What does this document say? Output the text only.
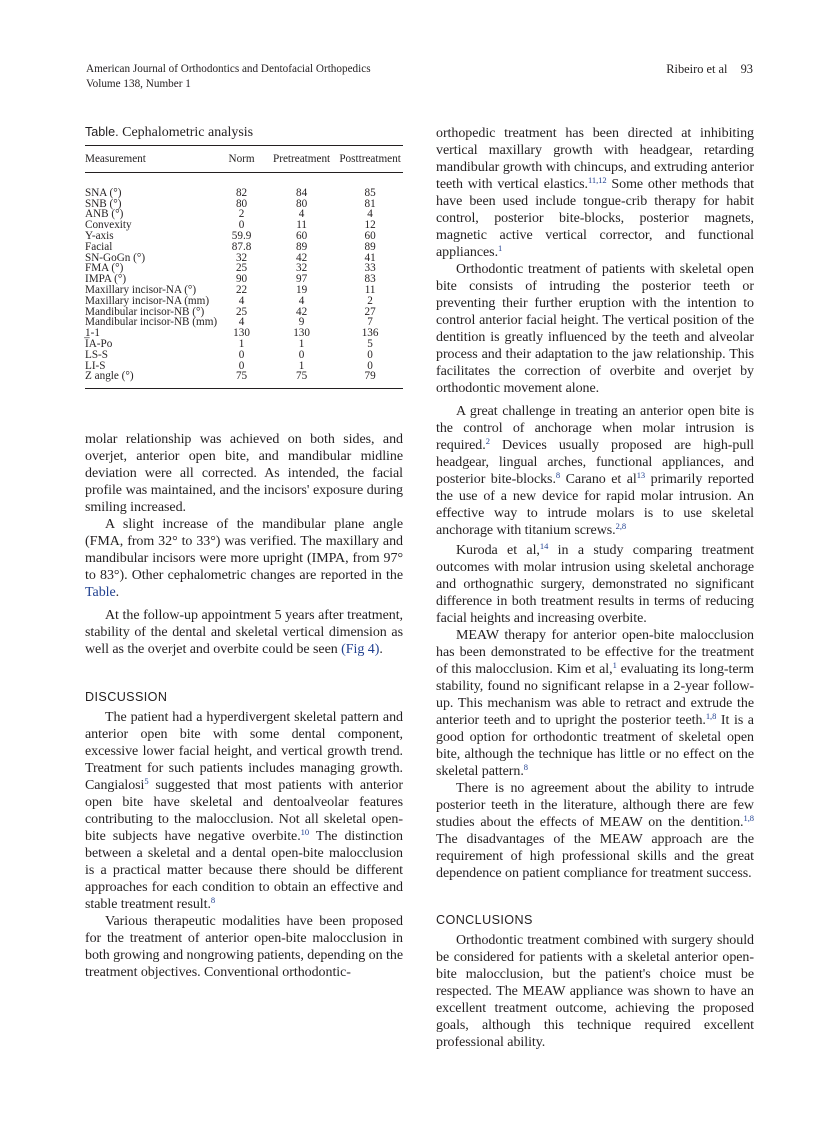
American Journal of Orthodontics and Dentofacial Orthopedics
Volume 138, Number 1
Ribeiro et al 93
Table. Cephalometric analysis
Measurement	Norm	Pretreatment	Posttreatment
SNA (°)	82	84	85
SNB (°)	80	80	81
ANB (°)	2	4	4
Convexity	0	11	12
Y-axis	59.9	60	60
Facial	87.8	89	89
SN-GoGn (°)	32	42	41
FMA (°)	25	32	33
IMPA (°)	90	97	83
Maxillary incisor-NA (°)	22	19	11
Maxillary incisor-NA (mm)	4	4	2
Mandibular incisor-NB (°)	25	42	27
Mandibular incisor-NB (mm)	4	9	7
1-1	130	130	136
I̅A-Po	1	1	5
LS-S	0	0	0
LI-S	0	1	0
Z angle (°)	75	75	79

molar relationship was achieved on both sides, and overjet, anterior open bite, and mandibular midline deviation were all corrected. As intended, the facial profile was maintained, and the incisors' exposure during smiling increased.

A slight increase of the mandibular plane angle (FMA, from 32° to 33°) was verified. The maxillary and mandibular incisors were more upright (IMPA, from 97° to 83°). Other cephalometric changes are reported in the Table.

At the follow-up appointment 5 years after treatment, stability of the dental and skeletal vertical dimension as well as the overjet and overbite could be seen (Fig 4).

DISCUSSION

The patient had a hyperdivergent skeletal pattern and anterior open bite with some dental component, excessive lower facial height, and vertical growth trend. Treatment for such patients includes managing growth. Cangialosi$^5$ suggested that most patients with anterior open bite have skeletal and dentoalveolar features contributing to the malocclusion. Not all skeletal open-bite subjects have negative overbite.$^{10}$ The distinction between a skeletal and a dental open-bite malocclusion is a practical matter because there should be different approaches for each condition to obtain an effective and stable treatment result.$^8$

Various therapeutic modalities have been proposed for the treatment of anterior open-bite malocclusion in both growing and nongrowing patients, depending on the treatment objectives. Conventional orthodontic-

orthopedic treatment has been directed at inhibiting vertical maxillary growth with headgear, retarding mandibular growth with chincups, and extruding anterior teeth with vertical elastics.$^{11,12}$ Some other methods that have been used include tongue-crib therapy for habit control, posterior bite-blocks, posterior magnets, magnetic active vertical corrector, and functional appliances.$^1$

Orthodontic treatment of patients with skeletal open bite consists of intruding the posterior teeth or preventing their further eruption with the intention to control anterior facial height. The vertical position of the dentition is greatly influenced by the teeth and alveolar process and their adaptation to the jaw relationship. This facilitates the correction of overbite and overjet by orthodontic movement alone.

A great challenge in treating an anterior open bite is the control of anchorage when molar intrusion is required.$^2$ Devices usually proposed are high-pull headgear, lingual arches, functional appliances, and posterior bite-blocks.$^8$ Carano et $al^{13}$ primarily reported the use of a new device for rapid molar intrusion. An effective way to intrude molars is to use skeletal anchorage with titanium screws.$^{2,8}$

Kuroda et al,$^{14}$ in a study comparing treatment outcomes with molar intrusion using skeletal anchorage and orthognathic surgery, demonstrated no significant difference in both treatment results in terms of reducing facial heights and increasing overbite.

MEAW therapy for anterior open-bite malocclusion has been demonstrated to be effective for the treatment of this malocclusion. Kim et al,$^1$ evaluating its long-term stability, found no significant relapse in a 2-year follow-up. This mechanism was able to retract and extrude the anterior teeth and to upright the posterior teeth.$^{1,8}$ It is a good option for orthodontic treatment of skeletal open bite, although the technique has little or no effect on the skeletal pattern.$^8$

There is no agreement about the ability to intrude posterior teeth in the literature, although there are few studies about the effects of MEAW on the dentition.$^{1,8}$ The disadvantages of the MEAW approach are the requirement of high professional skills and the great dependence on patient compliance for treatment success.

CONCLUSIONS

Orthodontic treatment combined with surgery should be considered for patients with a skeletal anterior open-bite malocclusion, but the patient's choice must be respected. The MEAW appliance was shown to have an excellent treatment outcome, achieving the proposed goals, although this technique required excellent professional ability.
